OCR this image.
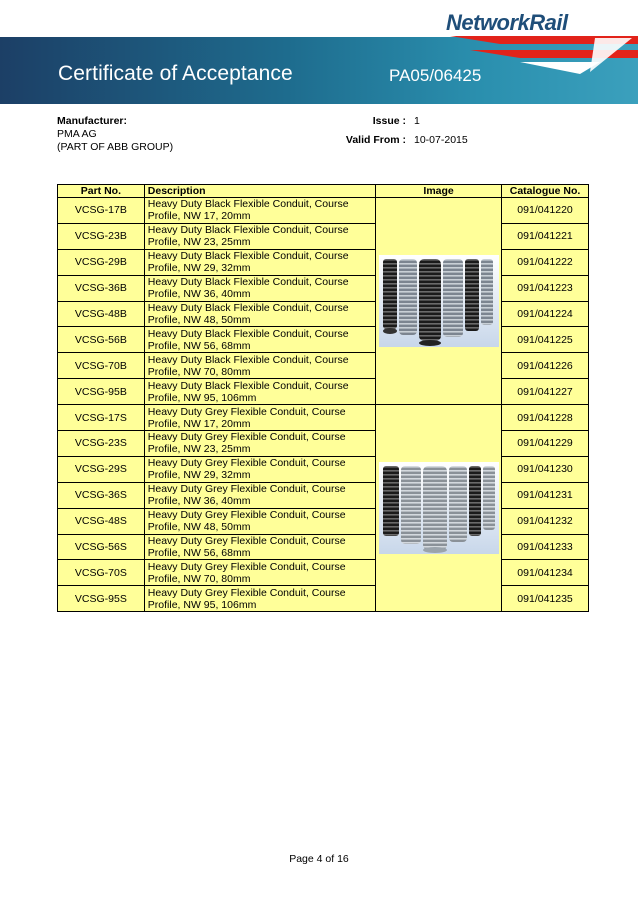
NetworkRail
Certificate of Acceptance	PA05/06425
Manufacturer:
PMA AG
(PART OF ABB GROUP)
Issue : 1
Valid From : 10-07-2015
Part No.	Description	Image	Catalogue No.
VCSG-17B	Heavy Duty Black Flexible Conduit, Course
Profile, NW 17, 20mm		091/041220
VCSG-23B	Heavy Duty Black Flexible Conduit, Course
Profile, NW 23, 25mm		091/041221
VCSG-29B	Heavy Duty Black Flexible Conduit, Course
Profile, NW 29, 32mm		091/041222
VCSG-36B	Heavy Duty Black Flexible Conduit, Course
Profile, NW 36, 40mm		091/041223
VCSG-48B	Heavy Duty Black Flexible Conduit, Course
Profile, NW 48, 50mm		091/041224
VCSG-56B	Heavy Duty Black Flexible Conduit, Course
Profile, NW 56, 68mm		091/041225
VCSG-70B	Heavy Duty Black Flexible Conduit, Course
Profile, NW 70, 80mm		091/041226
VCSG-95B	Heavy Duty Black Flexible Conduit, Course
Profile, NW 95, 106mm		091/041227
VCSG-17S	Heavy Duty Grey Flexible Conduit, Course
Profile, NW 17, 20mm		091/041228
VCSG-23S	Heavy Duty Grey Flexible Conduit, Course
Profile, NW 23, 25mm		091/041229
VCSG-29S	Heavy Duty Grey Flexible Conduit, Course
Profile, NW 29, 32mm		091/041230
VCSG-36S	Heavy Duty Grey Flexible Conduit, Course
Profile, NW 36, 40mm		091/041231
VCSG-48S	Heavy Duty Grey Flexible Conduit, Course
Profile, NW 48, 50mm		091/041232
VCSG-56S	Heavy Duty Grey Flexible Conduit, Course
Profile, NW 56, 68mm		091/041233
VCSG-70S	Heavy Duty Grey Flexible Conduit, Course
Profile, NW 70, 80mm		091/041234
VCSG-95S	Heavy Duty Grey Flexible Conduit, Course
Profile, NW 95, 106mm		091/041235
Page 4 of 16
